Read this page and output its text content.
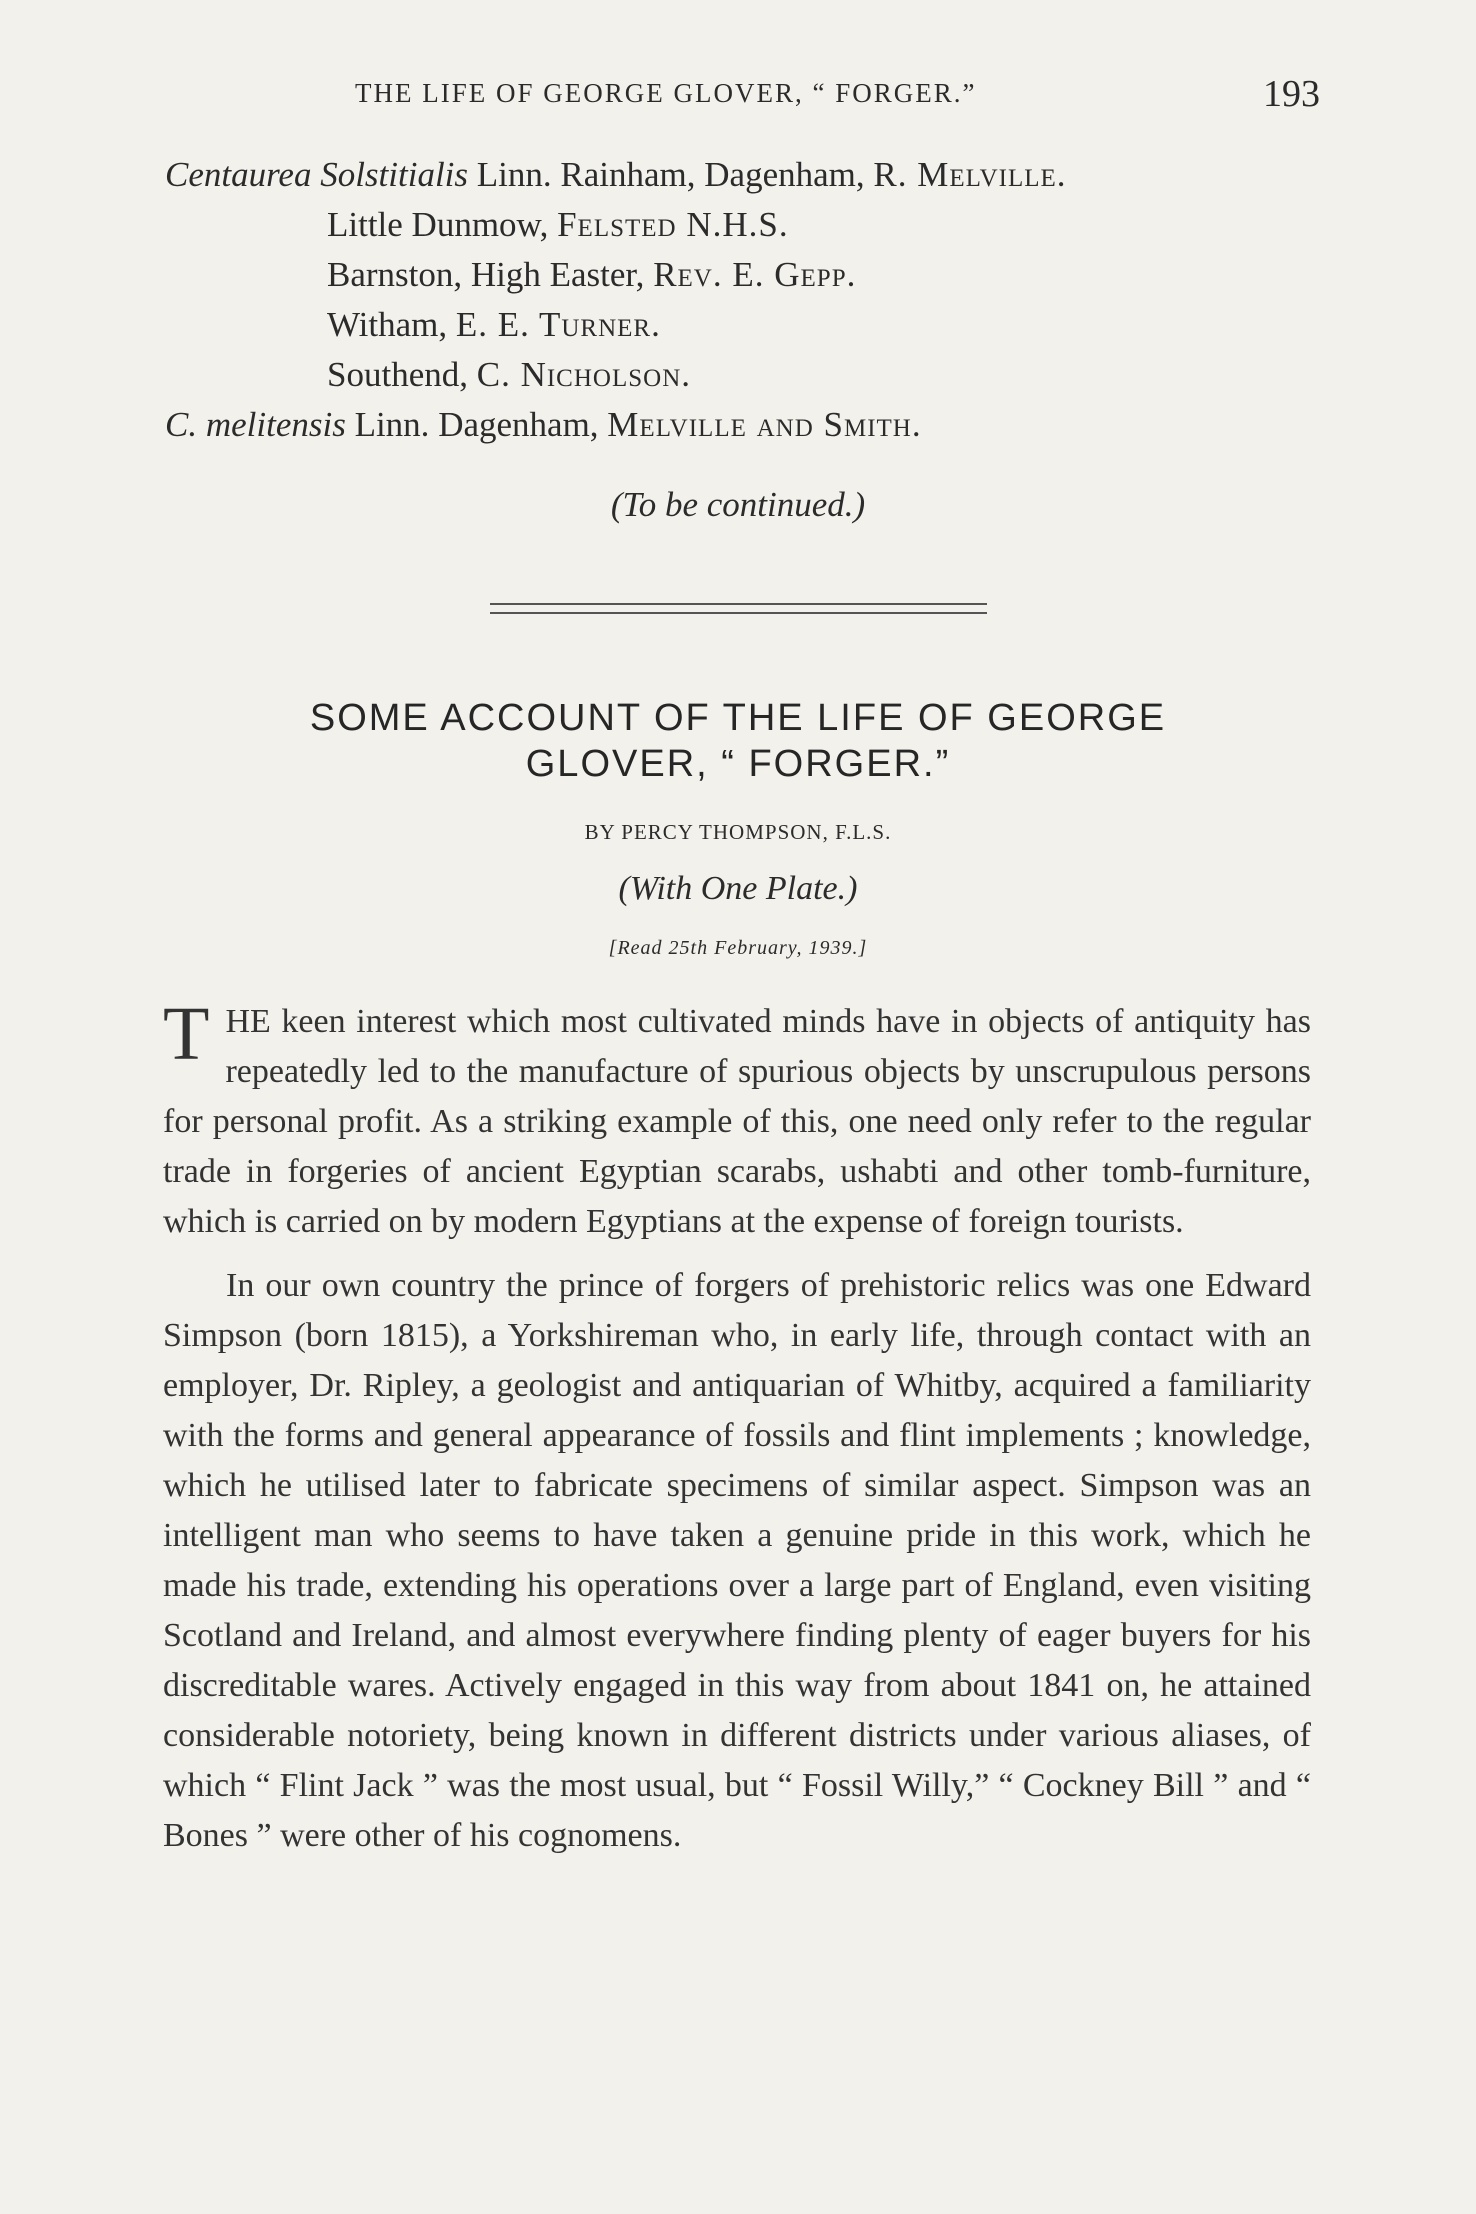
THE LIFE OF GEORGE GLOVER, “ FORGER.”	193
Centaurea Solstitialis Linn. Rainham, Dagenham, R. Melville.
Little Dunmow, Felsted N.H.S.
Barnston, High Easter, Rev. E. Gepp.
Witham, E. E. Turner.
Southend, C. Nicholson.
C. melitensis Linn. Dagenham, Melville and Smith.
(To be continued.)
SOME ACCOUNT OF THE LIFE OF GEORGE
GLOVER, “ FORGER.”
BY PERCY THOMPSON, F.L.S.
(With One Plate.)
[Read 25th February, 1939.]

T HE keen interest which most cultivated minds have in objects of antiquity has repeatedly led to the manufacture of spurious objects by unscrupulous persons for personal profit. As a striking example of this, one need only refer to the regular trade in forgeries of ancient Egyptian scarabs, ushabti and other tomb-furniture, which is carried on by modern Egyptians at the expense of foreign tourists.

In our own country the prince of forgers of prehistoric relics was one Edward Simpson (born 1815), a Yorkshireman who, in early life, through contact with an employer, Dr. Ripley, a geologist and antiquarian of Whitby, acquired a familiarity with the forms and general appearance of fossils and flint implements ; knowledge, which he utilised later to fabricate specimens of similar aspect. Simpson was an intelligent man who seems to have taken a genuine pride in this work, which he made his trade, extending his operations over a large part of England, even visiting Scotland and Ireland, and almost everywhere finding plenty of eager buyers for his discreditable wares. Actively engaged in this way from about 1841 on, he attained considerable notoriety, being known in different districts under various aliases, of which “ Flint Jack ” was the most usual, but “ Fossil Willy,” “ Cockney Bill ” and “ Bones ” were other of his cognomens.
